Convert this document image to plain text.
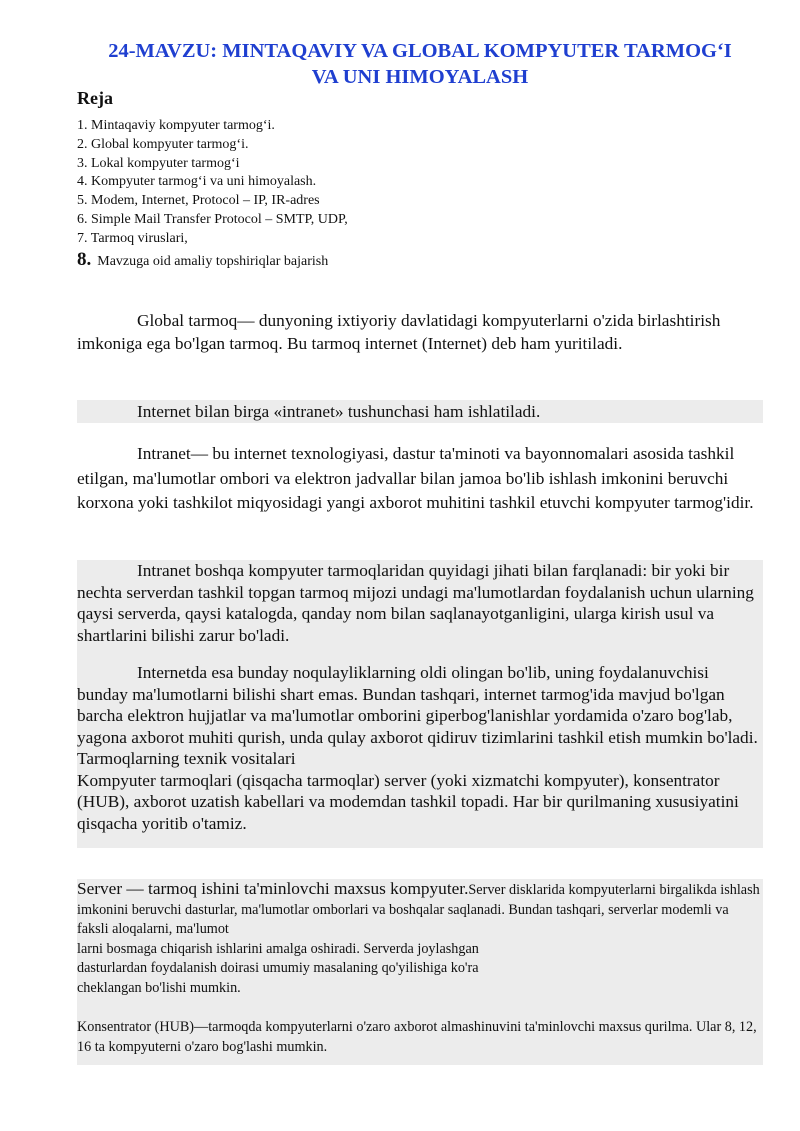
24-MAVZU: MINTAQAVIY VA GLOBAL KOMPYUTER TARMOG‘I
VA UNI HIMOYALASH
Reja
1. Mintaqaviy kompyuter tarmog‘i.
2. Global kompyuter tarmog‘i.
3. Lokal kompyuter tarmog‘i
4. Kompyuter tarmog‘i va uni himoyalash.
5. Modem, Internet, Protocol – IP, IR-adres
6. Simple Mail Transfer Protocol – SMTP, UDP,
7. Tarmoq viruslari,
8. Mavzuga oid amaliy topshiriqlar bajarish
Global tarmoq— dunyoning ixtiyoriy davlatidagi kompyuterlarni o'zida birlashtirish imkoniga ega bo'lgan tarmoq. Bu tarmoq internet (Internet) deb ham yuritiladi.
Internet bilan birga «intranet» tushunchasi ham ishlatiladi.
Intranet— bu internet texnologiyasi, dastur ta'minoti va bayonnomalari asosida tashkil etilgan, ma'lumotlar ombori va elektron jadvallar bilan jamoa bo'lib ishlash imkonini beruvchi korxona yoki tashkilot miqyosidagi yangi axborot muhitini tashkil etuvchi kompyuter tarmog'idir.
Intranet boshqa kompyuter tarmoqlaridan quyidagi jihati bilan farqlanadi: bir yoki bir nechta serverdan tashkil topgan tarmoq mijozi undagi ma'lumotlardan foydalanish uchun ularning qaysi serverda, qaysi katalogda, qanday nom bilan saqlanayotganligini, ularga kirish usul va shartlarini bilishi zarur bo'ladi.
Internetda esa bunday noqulayliklarning oldi olingan bo'lib, uning foydalanuvchisi bunday ma'lumotlarni bilishi shart emas. Bundan tashqari, internet tarmog'ida mavjud bo'lgan barcha elektron hujjatlar va ma'lumotlar omborini giperbog'lanishlar yordamida o'zaro bog'lab, yagona axborot muhiti qurish, unda qulay axborot qidiruv tizimlarini tashkil etish mumkin bo'ladi.
Tarmoqlarning texnik vositalari
Kompyuter tarmoqlari (qisqacha tarmoqlar) server (yoki xizmatchi kompyuter), konsentrator (HUB), axborot uzatish kabellari va modemdan tashkil topadi. Har bir qurilmaning xususiyatini qisqacha yoritib o'tamiz.
Server — tarmoq ishini ta'minlovchi maxsus kompyuter.Server disklarida kompyuterlarni birgalikda ishlash imkonini beruvchi dasturlar, ma'lumotlar omborlari va boshqalar saqlanadi. Bundan tashqari, serverlar modemli va faksli aloqalarni, ma'lumot
larni bosmaga chiqarish ishlarini amalga oshiradi. Serverda joylashgan
dasturlardan foydalanish doirasi umumiy masalaning qo'yilishiga ko'ra
cheklangan bo'lishi mumkin.
Konsentrator (HUB)—tarmoqda kompyuterlarni o'zaro axborot almashinuvini ta'minlovchi maxsus qurilma. Ular 8, 12, 16 ta kompyuterni o'zaro bog'lashi mumkin.
